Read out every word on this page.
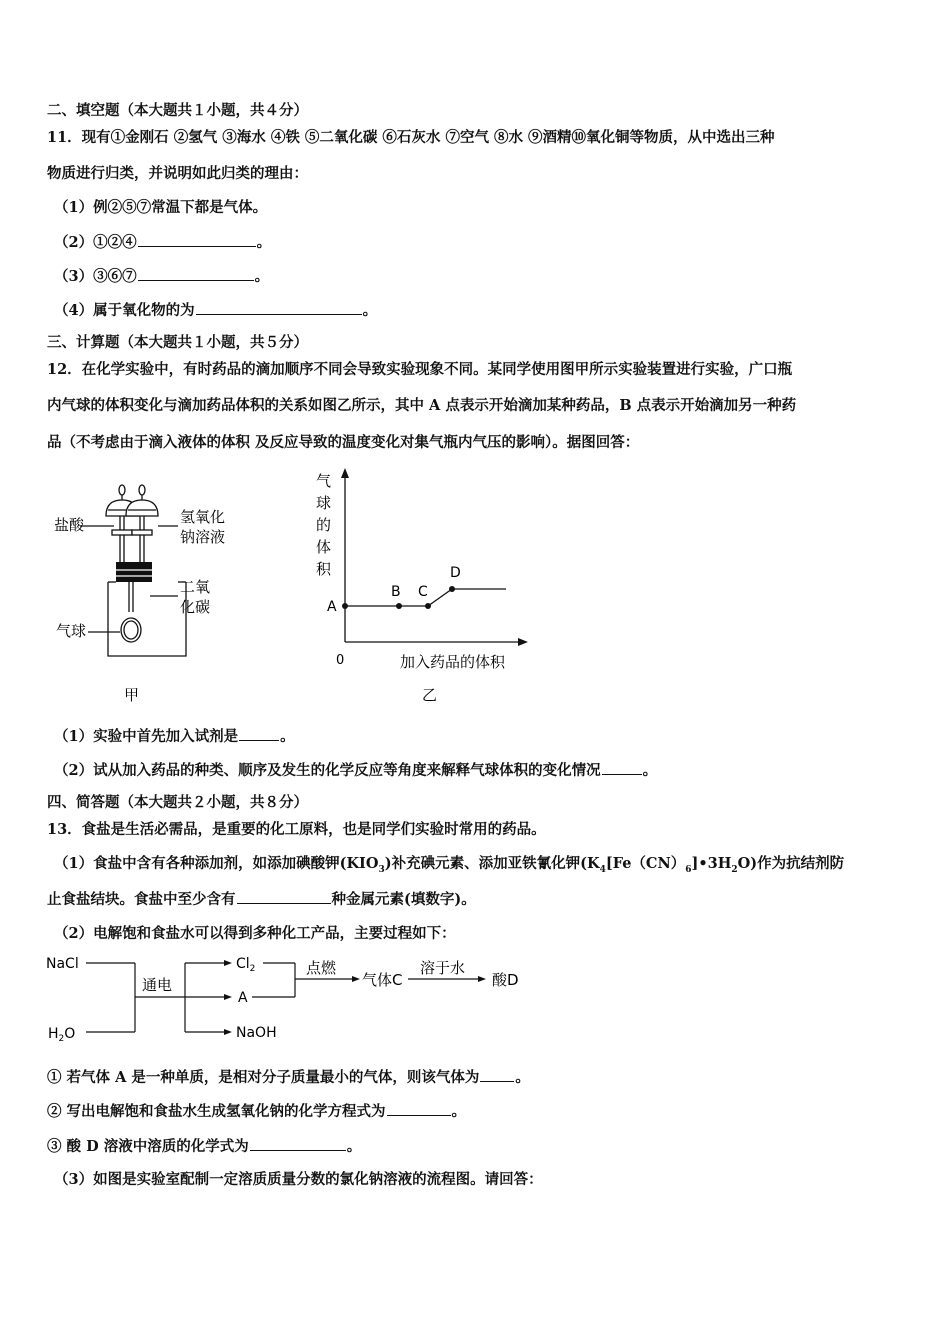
二、填空题（本大题共１小题，共４分）
11．现有①金刚石 ②氢气 ③海水 ④铁 ⑤二氧化碳 ⑥石灰水 ⑦空气 ⑧水 ⑨酒精⑩氧化铜等物质，从中选出三种
物质进行归类，并说明如此归类的理由：
（1）例②⑤⑦常温下都是气体。
（2）①②④	。
（3）③⑥⑦	。
（4）属于氧化物的为	。
三、计算题（本大题共１小题，共５分）
12．在化学实验中，有时药品的滴加顺序不同会导致实验现象不同。某同学使用图甲所示实验装置进行实验，广口瓶
内气球的体积变化与滴加药品体积的关系如图乙所示，其中 A 点表示开始滴加某种药品，B 点表示开始滴加另一种药
品（不考虑由于滴入液体的体积 及反应导致的温度变化对集气瓶内气压的影响）。据图回答：
盐酸	氢氧化
钠溶液
二氧
化碳
气球
甲
气
球
的
体
积
A
B C
D
0	加入药品的体积
乙
（1）实验中首先加入试剂是	。
（2）试从加入药品的种类、顺序及发生的化学反应等角度来解释气球体积的变化情况	。
四、简答题（本大题共２小题，共８分）
13．食盐是生活必需品，是重要的化工原料，也是同学们实验时常用的药品。
（1）食盐中含有各种添加剂，如添加碘酸钾$(KIO_3)$补充碘元素、添加亚铁氰化钾$(K_4[Fe(CN)_6]•3H_2O)$作为抗结剂防
止食盐结块。食盐中至少含有	种金属元素(填数字)。
（2）电解饱和食盐水可以得到多种化工产品，主要过程如下：
NaCl
$H_2O$
通电
$Cl_2$
A
NaOH
点燃
气体C
溶于水
酸D
① 若气体 A 是一种单质，是相对分子质量最小的气体，则该气体为 。
② 写出电解饱和食盐水生成氢氧化钠的化学方程式为	。
③ 酸 D 溶液中溶质的化学式为	。
（3）如图是实验室配制一定溶质质量分数的氯化钠溶液的流程图。请回答：
